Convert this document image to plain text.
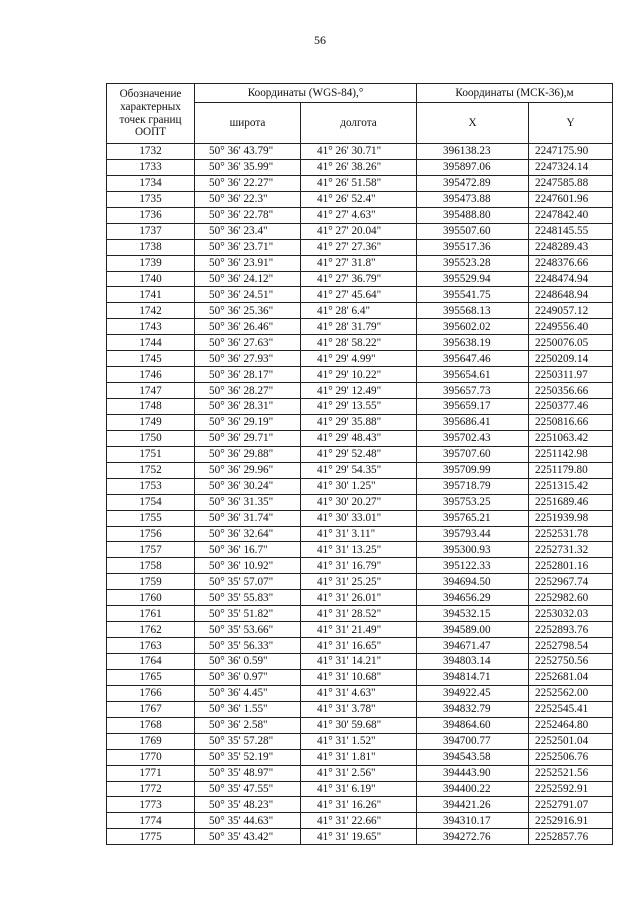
56
Обозначение характерных точек границ ООПТ	Координаты (WGS-84),°		Координаты (МСК-36),м	
	широта	долгота	X	Y
1732	50° 36' 43.79"	41° 26' 30.71"	396138.23	2247175.90
1733	50° 36' 35.99"	41° 26' 38.26"	395897.06	2247324.14
1734	50° 36' 22.27"	41° 26' 51.58"	395472.89	2247585.88
1735	50° 36' 22.3"	41° 26' 52.4"	395473.88	2247601.96
1736	50° 36' 22.78"	41° 27' 4.63"	395488.80	2247842.40
1737	50° 36' 23.4"	41° 27' 20.04"	395507.60	2248145.55
1738	50° 36' 23.71"	41° 27' 27.36"	395517.36	2248289.43
1739	50° 36' 23.91"	41° 27' 31.8"	395523.28	2248376.66
1740	50° 36' 24.12"	41° 27' 36.79"	395529.94	2248474.94
1741	50° 36' 24.51"	41° 27' 45.64"	395541.75	2248648.94
1742	50° 36' 25.36"	41° 28' 6.4"	395568.13	2249057.12
1743	50° 36' 26.46"	41° 28' 31.79"	395602.02	2249556.40
1744	50° 36' 27.63"	41° 28' 58.22"	395638.19	2250076.05
1745	50° 36' 27.93"	41° 29' 4.99"	395647.46	2250209.14
1746	50° 36' 28.17"	41° 29' 10.22"	395654.61	2250311.97
1747	50° 36' 28.27"	41° 29' 12.49"	395657.73	2250356.66
1748	50° 36' 28.31"	41° 29' 13.55"	395659.17	2250377.46
1749	50° 36' 29.19"	41° 29' 35.88"	395686.41	2250816.66
1750	50° 36' 29.71"	41° 29' 48.43"	395702.43	2251063.42
1751	50° 36' 29.88"	41° 29' 52.48"	395707.60	2251142.98
1752	50° 36' 29.96"	41° 29' 54.35"	395709.99	2251179.80
1753	50° 36' 30.24"	41° 30' 1.25"	395718.79	2251315.42
1754	50° 36' 31.35"	41° 30' 20.27"	395753.25	2251689.46
1755	50° 36' 31.74"	41° 30' 33.01"	395765.21	2251939.98
1756	50° 36' 32.64"	41° 31' 3.11"	395793.44	2252531.78
1757	50° 36' 16.7"	41° 31' 13.25"	395300.93	2252731.32
1758	50° 36' 10.92"	41° 31' 16.79"	395122.33	2252801.16
1759	50° 35' 57.07"	41° 31' 25.25"	394694.50	2252967.74
1760	50° 35' 55.83"	41° 31' 26.01"	394656.29	2252982.60
1761	50° 35' 51.82"	41° 31' 28.52"	394532.15	2253032.03
1762	50° 35' 53.66"	41° 31' 21.49"	394589.00	2252893.76
1763	50° 35' 56.33"	41° 31' 16.65"	394671.47	2252798.54
1764	50° 36' 0.59"	41° 31' 14.21"	394803.14	2252750.56
1765	50° 36' 0.97"	41° 31' 10.68"	394814.71	2252681.04
1766	50° 36' 4.45"	41° 31' 4.63"	394922.45	2252562.00
1767	50° 36' 1.55"	41° 31' 3.78"	394832.79	2252545.41
1768	50° 36' 2.58"	41° 30' 59.68"	394864.60	2252464.80
1769	50° 35' 57.28"	41° 31' 1.52"	394700.77	2252501.04
1770	50° 35' 52.19"	41° 31' 1.81"	394543.58	2252506.76
1771	50° 35' 48.97"	41° 31' 2.56"	394443.90	2252521.56
1772	50° 35' 47.55"	41° 31' 6.19"	394400.22	2252592.91
1773	50° 35' 48.23"	41° 31' 16.26"	394421.26	2252791.07
1774	50° 35' 44.63"	41° 31' 22.66"	394310.17	2252916.91
1775	50° 35' 43.42"	41° 31' 19.65"	394272.76	2252857.76
